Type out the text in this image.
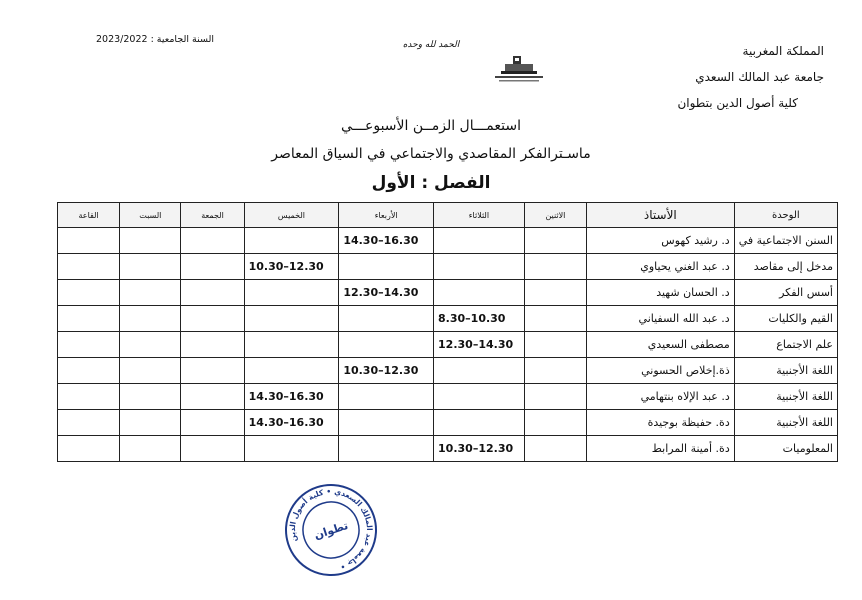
المملكة المغربية
جامعة عبد المالك السعدي
كلية أصول الدين بتطوان
السنة الجامعية : 2023/2022	الحمد لله وحده
استعمـــال الزمــن الأسبوعـــي
ماسـترالفكر المقاصدي والاجتماعي في السياق المعاصر
الفصل : الأول
الوحدة	الأستاذ	الاثنين	الثلاثاء	الأربعاء	الخميس	الجمعة	السبت	القاعة
السنن الاجتماعية في	د. رشيد كهوس			16.30–14.30				
مدخل إلى مقاصد	د. عبد الغني يحياوي				12.30–10.30			
أسس الفكر	د. الحسان شهيد			14.30–12.30				
القيم والكليات	د. عبد الله السفياني		10.30–8.30					
علم الاجتماع	مصطفى السعيدي		14.30–12.30					
اللغة الأجنبية	ذة.إخلاص الحسوني			12.30–10.30				
اللغة الأجنبية	د. عبد الإلاه بنتهامي				16.30–14.30			
اللغة الأجنبية	دة. حفيظة بوجيدة				16.30–14.30			
المعلوميات	دة. أمينة المرابط		12.30–10.30					
جامعة عبد المالك السعدي • كلية أصول الدين •
تطوان
